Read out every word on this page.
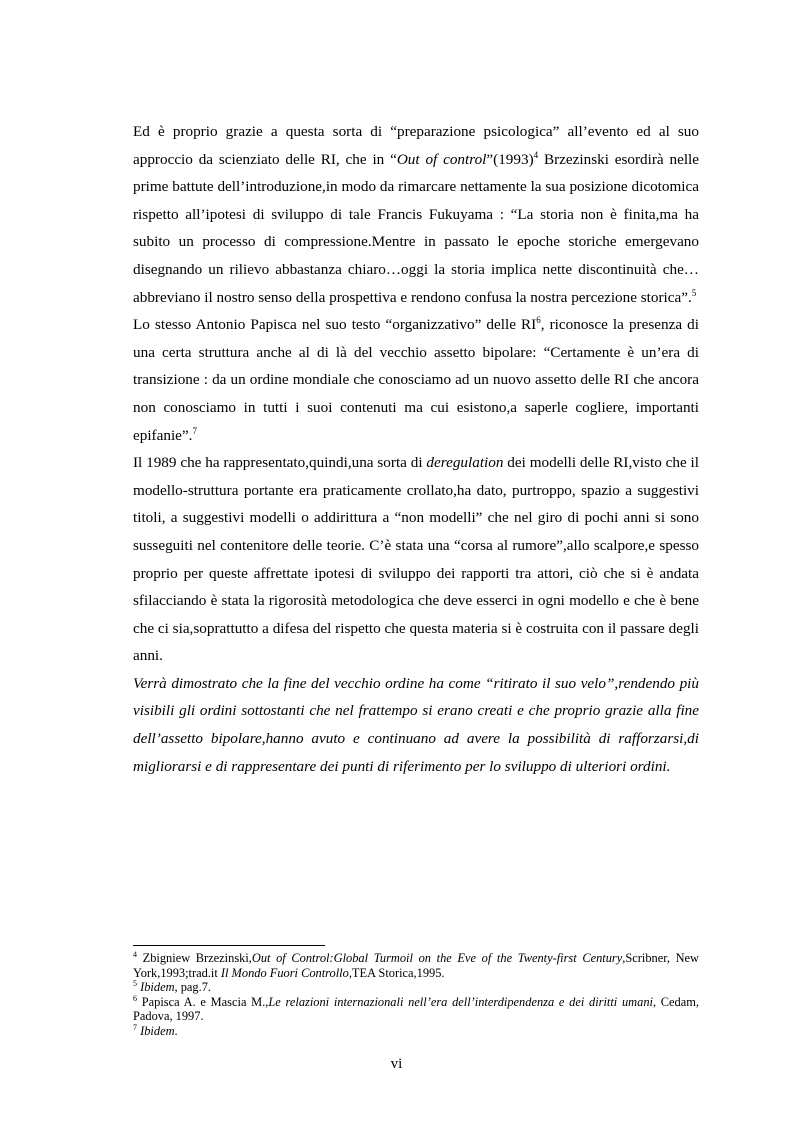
Ed è proprio grazie a questa sorta di “preparazione psicologica” all’evento ed al suo approccio da scienziato delle RI, che in “Out of $control”(1993)^4$ Brzezinski esordirà nelle prime battute dell’introduzione,in modo da rimarcare nettamente la sua posizione dicotomica rispetto all’ipotesi di sviluppo di tale Francis Fukuyama : “La storia non è finita,ma ha subito un processo di compressione.Mentre in passato le epoche storiche emergevano disegnando un rilievo abbastanza chiaro…oggi la storia implica nette discontinuità che…abbreviano il nostro senso della prospettiva e rendono confusa la nostra percezione storica”.$^5$

Lo stesso Antonio Papisca nel suo testo “organizzativo” delle $RI^6$, riconosce la presenza di una certa struttura anche al di là del vecchio assetto bipolare: “Certamente è un’era di transizione : da un ordine mondiale che conosciamo ad un nuovo assetto delle RI che ancora non conosciamo in tutti i suoi contenuti ma cui esistono,a saperle cogliere, importanti epifanie”.$^7$

Il 1989 che ha rappresentato,quindi,una sorta di deregulation dei modelli delle RI,visto che il modello-struttura portante era praticamente crollato,ha dato, purtroppo, spazio a suggestivi titoli, a suggestivi modelli o addirittura a “non modelli” che nel giro di pochi anni si sono susseguiti nel contenitore delle teorie. C’è stata una “corsa al rumore”,allo scalpore,e spesso proprio per queste affrettate ipotesi di sviluppo dei rapporti tra attori, ciò che si è andata sfilacciando è stata la rigorosità metodologica che deve esserci in ogni modello e che è bene che ci sia,soprattutto a difesa del rispetto che questa materia si è costruita con il passare degli anni.

Verrà dimostrato che la fine del vecchio ordine ha come “ritirato il suo velo”,rendendo più visibili gli ordini sottostanti che nel frattempo si erano creati e che proprio grazie alla fine dell’assetto bipolare,hanno avuto e continuano ad avere la possibilità di rafforzarsi,di migliorarsi e di rappresentare dei punti di riferimento per lo sviluppo di ulteriori ordini.

$^4$ Zbigniew Brzezinski,Out of Control:Global Turmoil on the Eve of the Twenty-first Century,Scribner, New York,1993;trad.it Il Mondo Fuori Controllo,TEA Storica,1995.
$^5$ Ibidem, pag.7.
$^6$ Papisca A. e Mascia M.,Le relazioni internazionali nell’era dell’interdipendenza e dei diritti umani, Cedam, Padova, 1997.
$^7$ Ibidem.
vi
